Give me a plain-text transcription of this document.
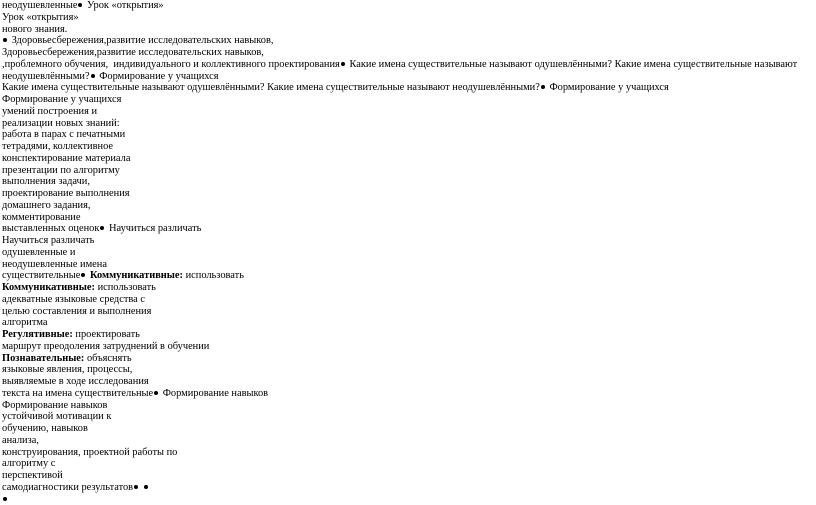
неодушевленные Урок «открытия»
Урок «открытия»
нового знания.
Здоровьесбережения,развитие исследовательских навыков,
Здоровьесбережения,развитие исследовательских навыков,
,проблемного обучения,  индивидуального и коллективного проектирования Какие имена существительные называют одушевлёнными? Какие имена существительные называют
неодушевлёнными? Формирование у учащихся
Какие имена существительные называют одушевлёнными? Какие имена существительные называют неодушевлёнными? Формирование у учащихся
Формирование у учащихся
умений построения и
реализации новых знаний:
работа в парах с печатными
тетрадями, коллективное
конспектирование материала
презентации по алгоритму
выполнения задачи,
проектирование выполнения
домашнего задания,
комментирование
выставленных оценок Научиться различать
Научиться различать
одушевленные и
неодушевленные имена
существительные Коммуникативные: использовать
Коммуникативные: использовать
адекватные языковые средства с
целью составления и выполнения
алгоритма
Регулятивные: проектировать
маршрут преодоления затруднений в обучении
Познавательные: объяснять
языковые явления, процессы,
выявляемые в ходе исследования
текста на имена существительные Формирование навыков
Формирование навыков
устойчивой мотивации к
обучению, навыков
анализа,
конструирования, проектной работы по
алгоритму с
перспективой
самодиагностики результатов
